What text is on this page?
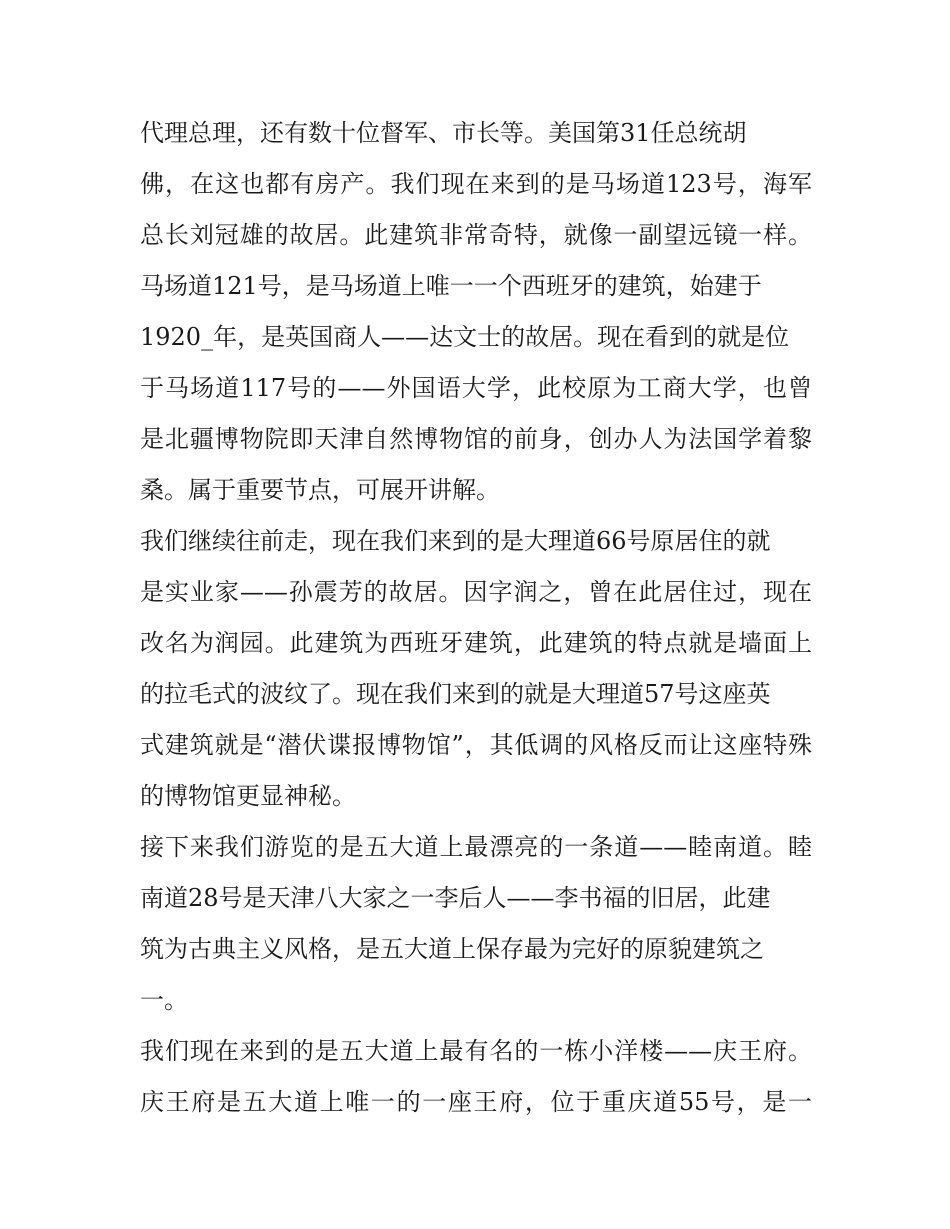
代理总理，还有数十位督军、市长等。美国第31任总统胡
佛，在这也都有房产。我们现在来到的是马场道123号，海军
总长刘冠雄的故居。此建筑非常奇特，就像一副望远镜一样。
马场道121号，是马场道上唯一一个西班牙的建筑，始建于
1920_年，是英国商人——达文士的故居。现在看到的就是位
于马场道117号的——外国语大学，此校原为工商大学，也曾
是北疆博物院即天津自然博物馆的前身，创办人为法国学着黎
桑。属于重要节点，可展开讲解。
我们继续往前走，现在我们来到的是大理道66号原居住的就
是实业家——孙震芳的故居。因字润之，曾在此居住过，现在
改名为润园。此建筑为西班牙建筑，此建筑的特点就是墙面上
的拉毛式的波纹了。现在我们来到的就是大理道57号这座英
式建筑就是“潜伏谍报博物馆”，其低调的风格反而让这座特殊
的博物馆更显神秘。
接下来我们游览的是五大道上最漂亮的一条道——睦南道。睦
南道28号是天津八大家之一李后人——李书福的旧居，此建
筑为古典主义风格，是五大道上保存最为完好的原貌建筑之
一。
我们现在来到的是五大道上最有名的一栋小洋楼——庆王府。
庆王府是五大道上唯一的一座王府，位于重庆道55号，是一
